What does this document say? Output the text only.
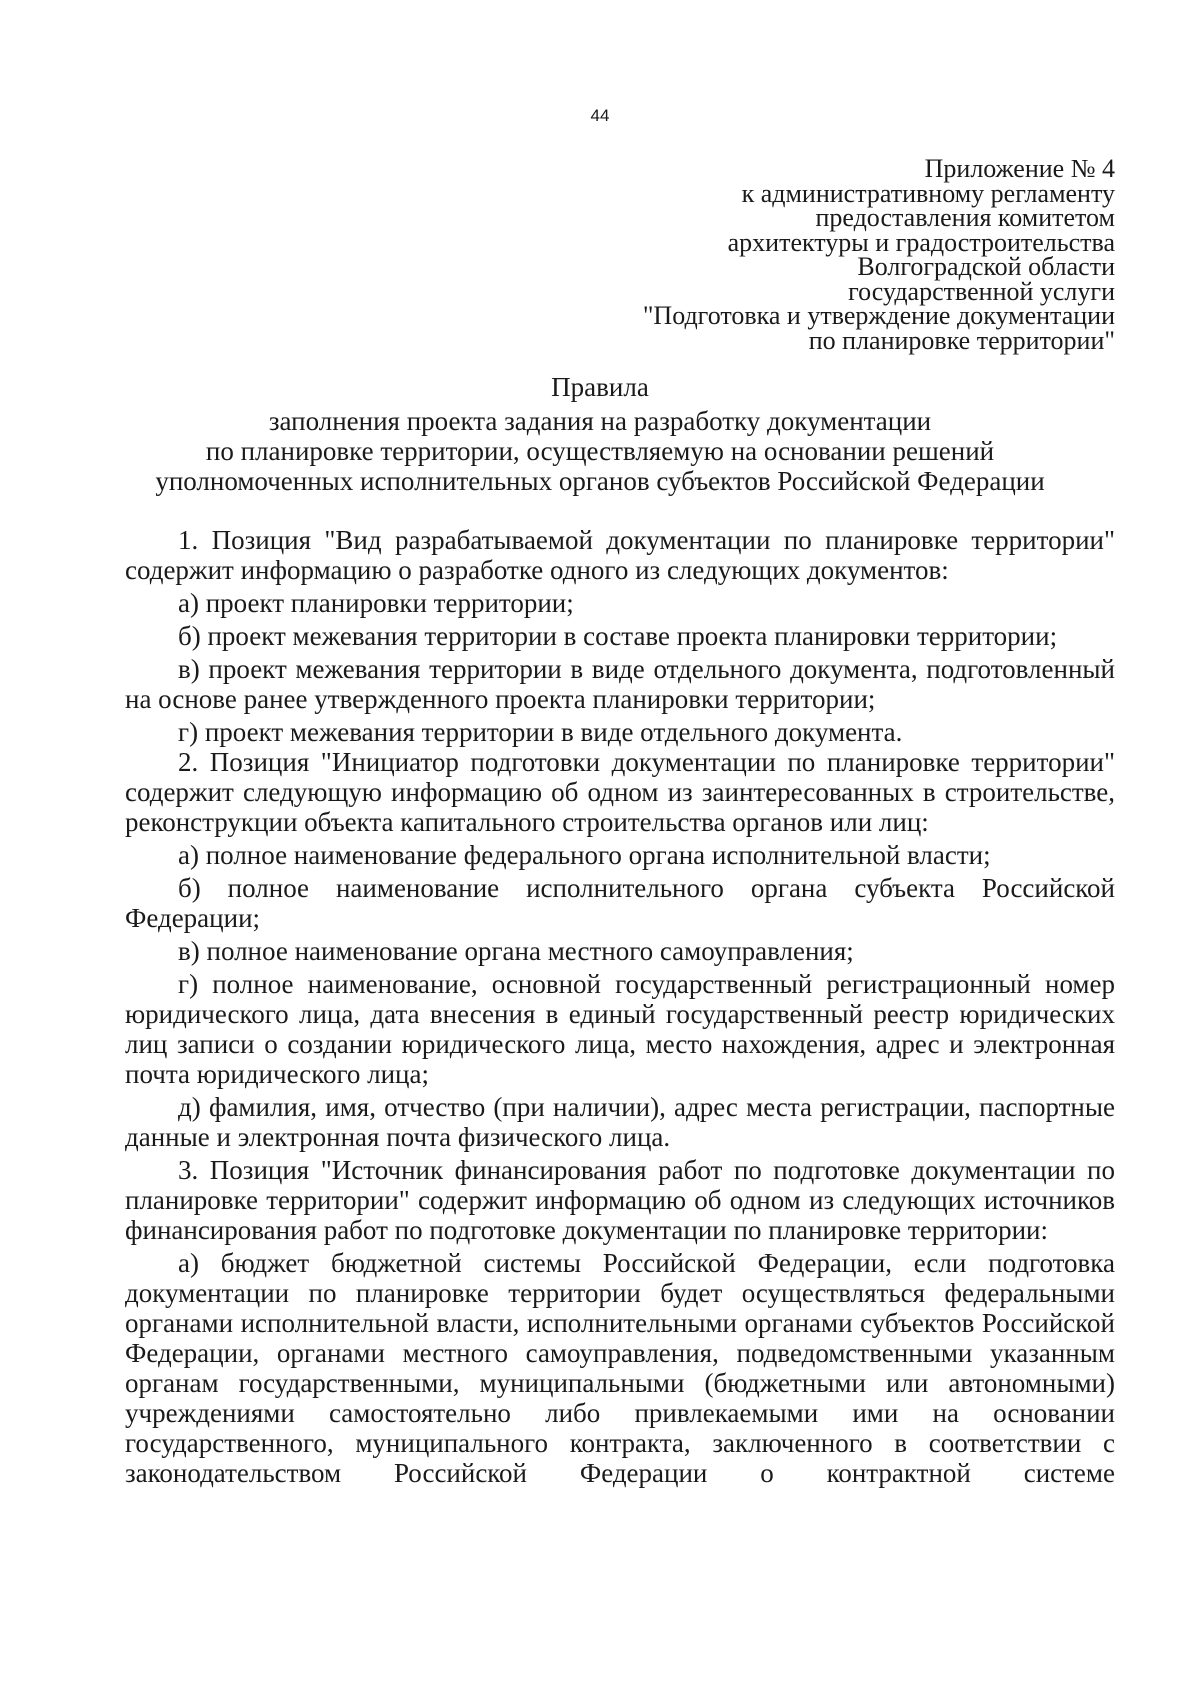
44
Приложение № 4
к административному регламенту
предоставления комитетом
архитектуры и градостроительства
Волгоградской области
государственной услуги
"Подготовка и утверждение документации
по планировке территории"
Правила
заполнения проекта задания на разработку документации
по планировке территории, осуществляемую на основании решений
уполномоченных исполнительных органов субъектов Российской Федерации

1. Позиция "Вид разрабатываемой документации по планировке территории" содержит информацию о разработке одного из следующих документов:

а) проект планировки территории;

б) проект межевания территории в составе проекта планировки территории;

в) проект межевания территории в виде отдельного документа, подготовленный на основе ранее утвержденного проекта планировки территории;

г) проект межевания территории в виде отдельного документа.

2. Позиция "Инициатор подготовки документации по планировке территории" содержит следующую информацию об одном из заинтересованных в строительстве, реконструкции объекта капитального строительства органов или лиц:

а) полное наименование федерального органа исполнительной власти;

б) полное наименование исполнительного органа субъекта Российской Федерации;

в) полное наименование органа местного самоуправления;

г) полное наименование, основной государственный регистрационный номер юридического лица, дата внесения в единый государственный реестр юридических лиц записи о создании юридического лица, место нахождения, адрес и электронная почта юридического лица;

д) фамилия, имя, отчество (при наличии), адрес места регистрации, паспортные данные и электронная почта физического лица.

3. Позиция "Источник финансирования работ по подготовке документации по планировке территории" содержит информацию об одном из следующих источников финансирования работ по подготовке документации по планировке территории:

а) бюджет бюджетной системы Российской Федерации, если подготовка документации по планировке территории будет осуществляться федеральными органами исполнительной власти, исполнительными органами субъектов Российской Федерации, органами местного самоуправления, подведомственными указанным органам государственными, муниципальными (бюджетными или автономными) учреждениями самостоятельно либо привлекаемыми ими на основании государственного, муниципального контракта, заключенного в соответствии с законодательством Российской Федерации о контрактной системе
